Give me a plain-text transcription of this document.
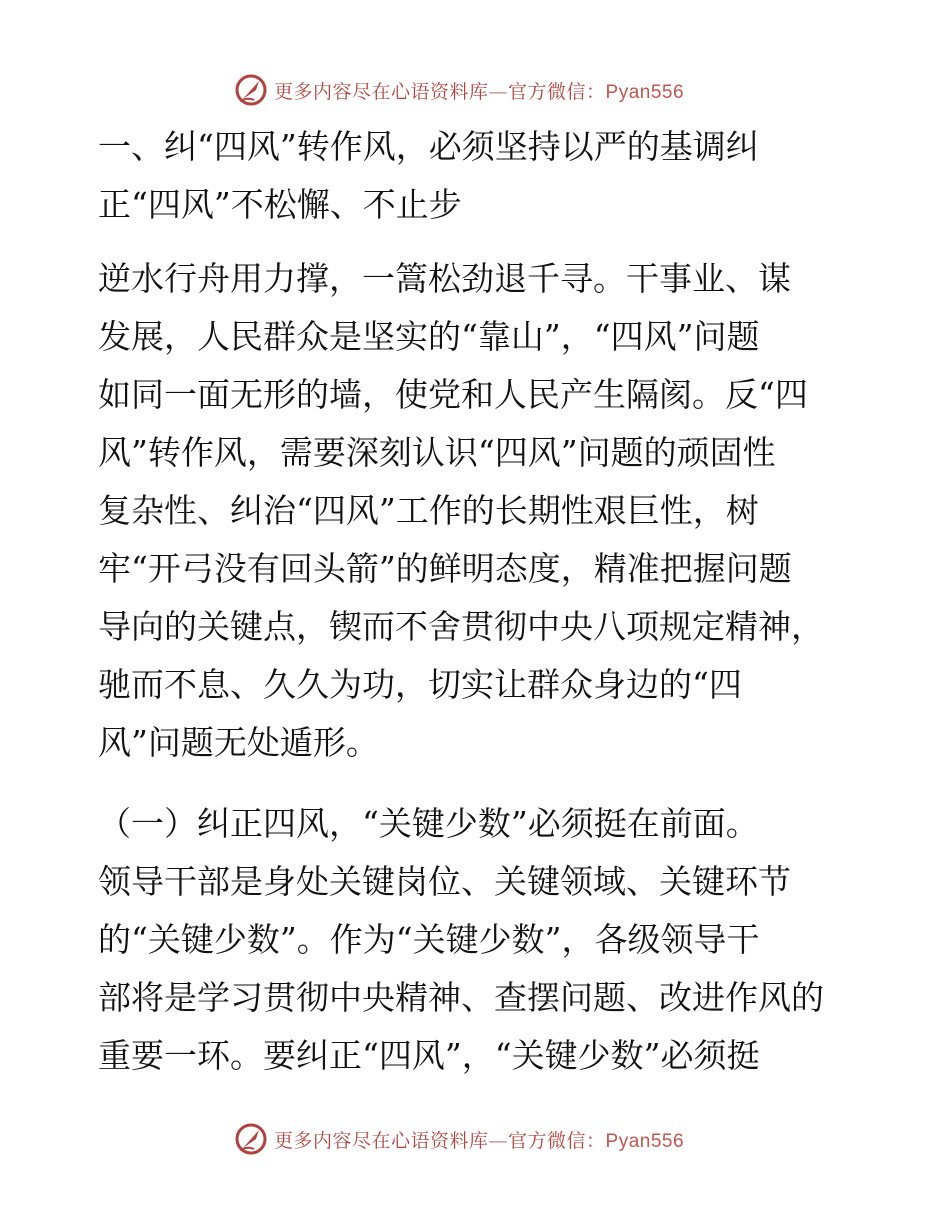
更多内容尽在心语资料库—官方微信：Pyan556
一、纠“四风”转作风，必须坚持以严的基调纠
正“四风”不松懈、不止步
逆水行舟用力撑，一篙松劲退千寻。干事业、谋
发展，人民群众是坚实的“靠山”，“四风”问题
如同一面无形的墙，使党和人民产生隔阂。反“四
风”转作风，需要深刻认识“四风”问题的顽固性
复杂性、纠治“四风”工作的长期性艰巨性，树
牢“开弓没有回头箭”的鲜明态度，精准把握问题
导向的关键点，锲而不舍贯彻中央八项规定精神，
驰而不息、久久为功，切实让群众身边的“四
风”问题无处遁形。
（一）纠正四风，“关键少数”必须挺在前面。
领导干部是身处关键岗位、关键领域、关键环节
的“关键少数”。作为“关键少数”，各级领导干
部将是学习贯彻中央精神、查摆问题、改进作风的
重要一环。要纠正“四风”，“关键少数”必须挺
更多内容尽在心语资料库—官方微信：Pyan556
